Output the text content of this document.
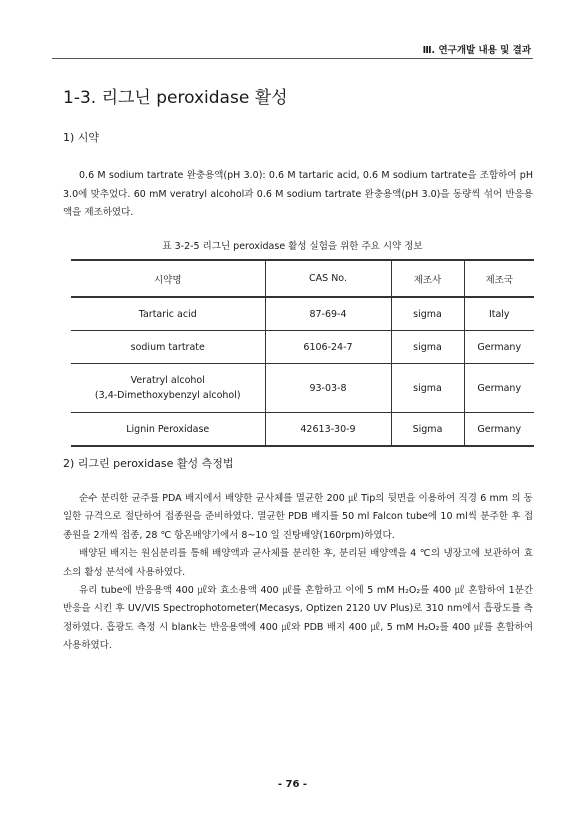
Ⅲ. 연구개발 내용 및 결과
1-3. 리그닌 peroxidase 활성
1) 시약
0.6 M sodium tartrate 완충용액(pH 3.0): 0.6 M tartaric acid, 0.6 M sodium tartrate을 조합하여 pH 3.0에 맞추었다. 60 mM veratryl alcohol과 0.6 M sodium tartrate 완충용액(pH 3.0)을 동량씩 섞어 반응용액을 제조하였다.
표 3-2-5 리그닌 peroxidase 활성 실험을 위한 주요 시약 정보
시약명	CAS No.	제조사	제조국
Tartaric acid	87-69-4	sigma	Italy
sodium tartrate	6106-24-7	sigma	Germany

Veratryl alcohol
(3,4-Dimethoxybenzyl alcohol)	93-03-8	sigma	Germany
Lignin Peroxidase	42613-30-9	Sigma	Germany
2) 리그린 peroxidase 활성 측정법

순수 분리한 균주를 PDA 배지에서 배양한 균사체를 멸균한 200 ㎕ Tip의 뒷면을 이용하여 직경 6 mm 의 동일한 규격으로 절단하여 접종원을 준비하였다. 멸균한 PDB 배지를 50 ml Falcon tube에 10 ml씩 분주한 후 접종원을 2개씩 접종, 28 ℃ 항온배양기에서 8~10 일 진탕배양(160rpm)하였다.

배양된 배지는 원심분리를 통해 배양액과 균사체를 분리한 후, 분리된 배양액을 4 ℃의 냉장고에 보관하여 효소의 활성 분석에 사용하였다.

유리 tube에 반응용액 400 ㎕와 효소용액 400 ㎕를 혼합하고 이에 5 mM H₂O₂를 400 ㎕ 혼합하여 1분간 반응을 시킨 후 UV/VIS Spectrophotometer(Mecasys, Optizen 2120 UV Plus)로 310 nm에서 흡광도를 측정하였다. 흡광도 측정 시 blank는 반응용액에 400 ㎕와 PDB 배지 400 ㎕, 5 mM H₂O₂를 400 ㎕를 혼합하여 사용하였다.

- 76 -
